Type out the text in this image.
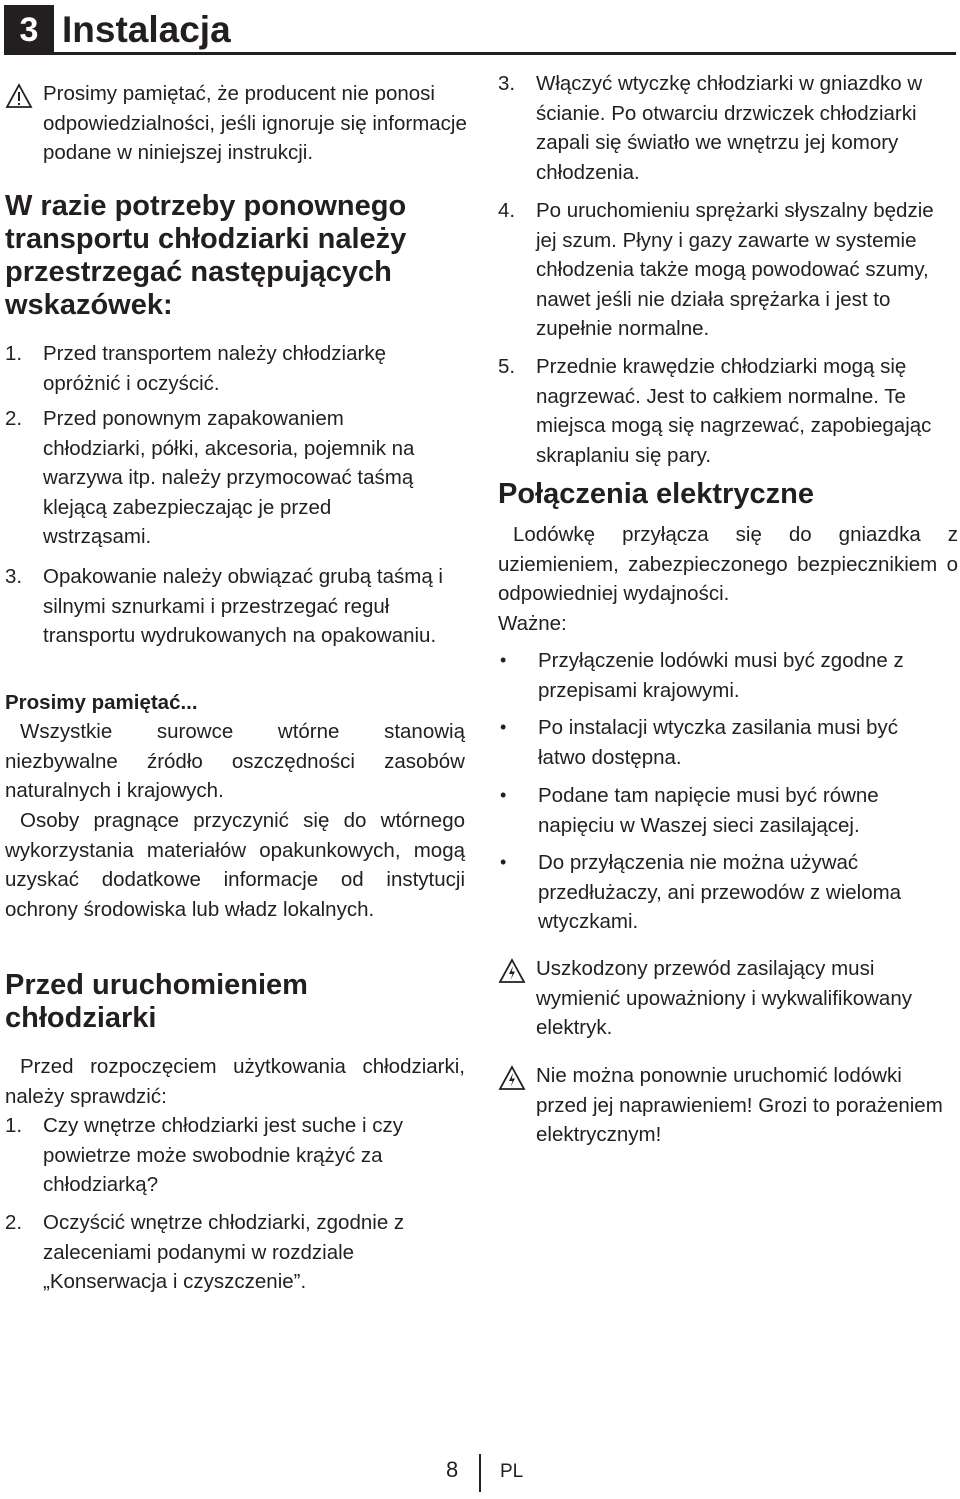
3 Instalacja
Prosimy pamiętać, że producent nie ponosi odpowiedzialności, jeśli ignoruje się informacje podane w niniejszej instrukcji.
W razie potrzeby ponownego transportu chłodziarki należy przestrzegać następujących wskazówek:
1.	Przed transportem należy chłodziarkę opróżnić i oczyścić.
2.	Przed ponownym zapakowaniem chłodziarki, półki, akcesoria, pojemnik na warzywa itp. należy przymocować taśmą klejącą zabezpieczając je przed wstrząsami.
3.	Opakowanie należy obwiązać grubą taśmą i silnymi sznurkami i przestrzegać reguł transportu wydrukowanych na opakowaniu.
Prosimy pamiętać...
Wszystkie surowce wtórne stanowią niezbywalne źródło oszczędności zasobów naturalnych i krajowych.
Osoby pragnące przyczynić się do wtórnego wykorzystania materiałów opakunkowych, mogą uzyskać dodatkowe informacje od instytucji ochrony środowiska lub władz lokalnych.
Przed uruchomieniem chłodziarki
Przed rozpoczęciem użytkowania chłodziarki, należy sprawdzić:
1.	Czy wnętrze chłodziarki jest suche i czy powietrze może swobodnie krążyć za chłodziarką?
2.	Oczyścić wnętrze chłodziarki, zgodnie z zaleceniami podanymi w rozdziale „Konserwacja i czyszczenie”.
3.	Włączyć wtyczkę chłodziarki w gniazdko w ścianie. Po otwarciu drzwiczek chłodziarki zapali się światło we wnętrzu jej komory chłodzenia.
4.	Po uruchomieniu sprężarki słyszalny będzie jej szum. Płyny i gazy zawarte w systemie chłodzenia także mogą powodować szumy, nawet jeśli nie działa sprężarka i jest to zupełnie normalne.
5.	Przednie krawędzie chłodziarki mogą się nagrzewać. Jest to całkiem normalne. Te miejsca mogą się nagrzewać, zapobiegając skraplaniu się pary.
Połączenia elektryczne
Lodówkę przyłącza się do gniazdka z uziemieniem, zabezpieczonego bezpiecznikiem o odpowiedniej wydajności.
Ważne:
•	Przyłączenie lodówki musi być zgodne z przepisami krajowymi.
•	Po instalacji wtyczka zasilania musi być łatwo dostępna.
•	Podane tam napięcie musi być równe napięciu w Waszej sieci zasilającej.
•	Do przyłączenia nie można używać przedłużaczy, ani przewodów z wieloma wtyczkami.
Uszkodzony przewód zasilający musi wymienić upoważniony i wykwalifikowany elektryk.
Nie można ponownie uruchomić lodówki przed jej naprawieniem! Grozi to porażeniem elektrycznym!
8 PL
